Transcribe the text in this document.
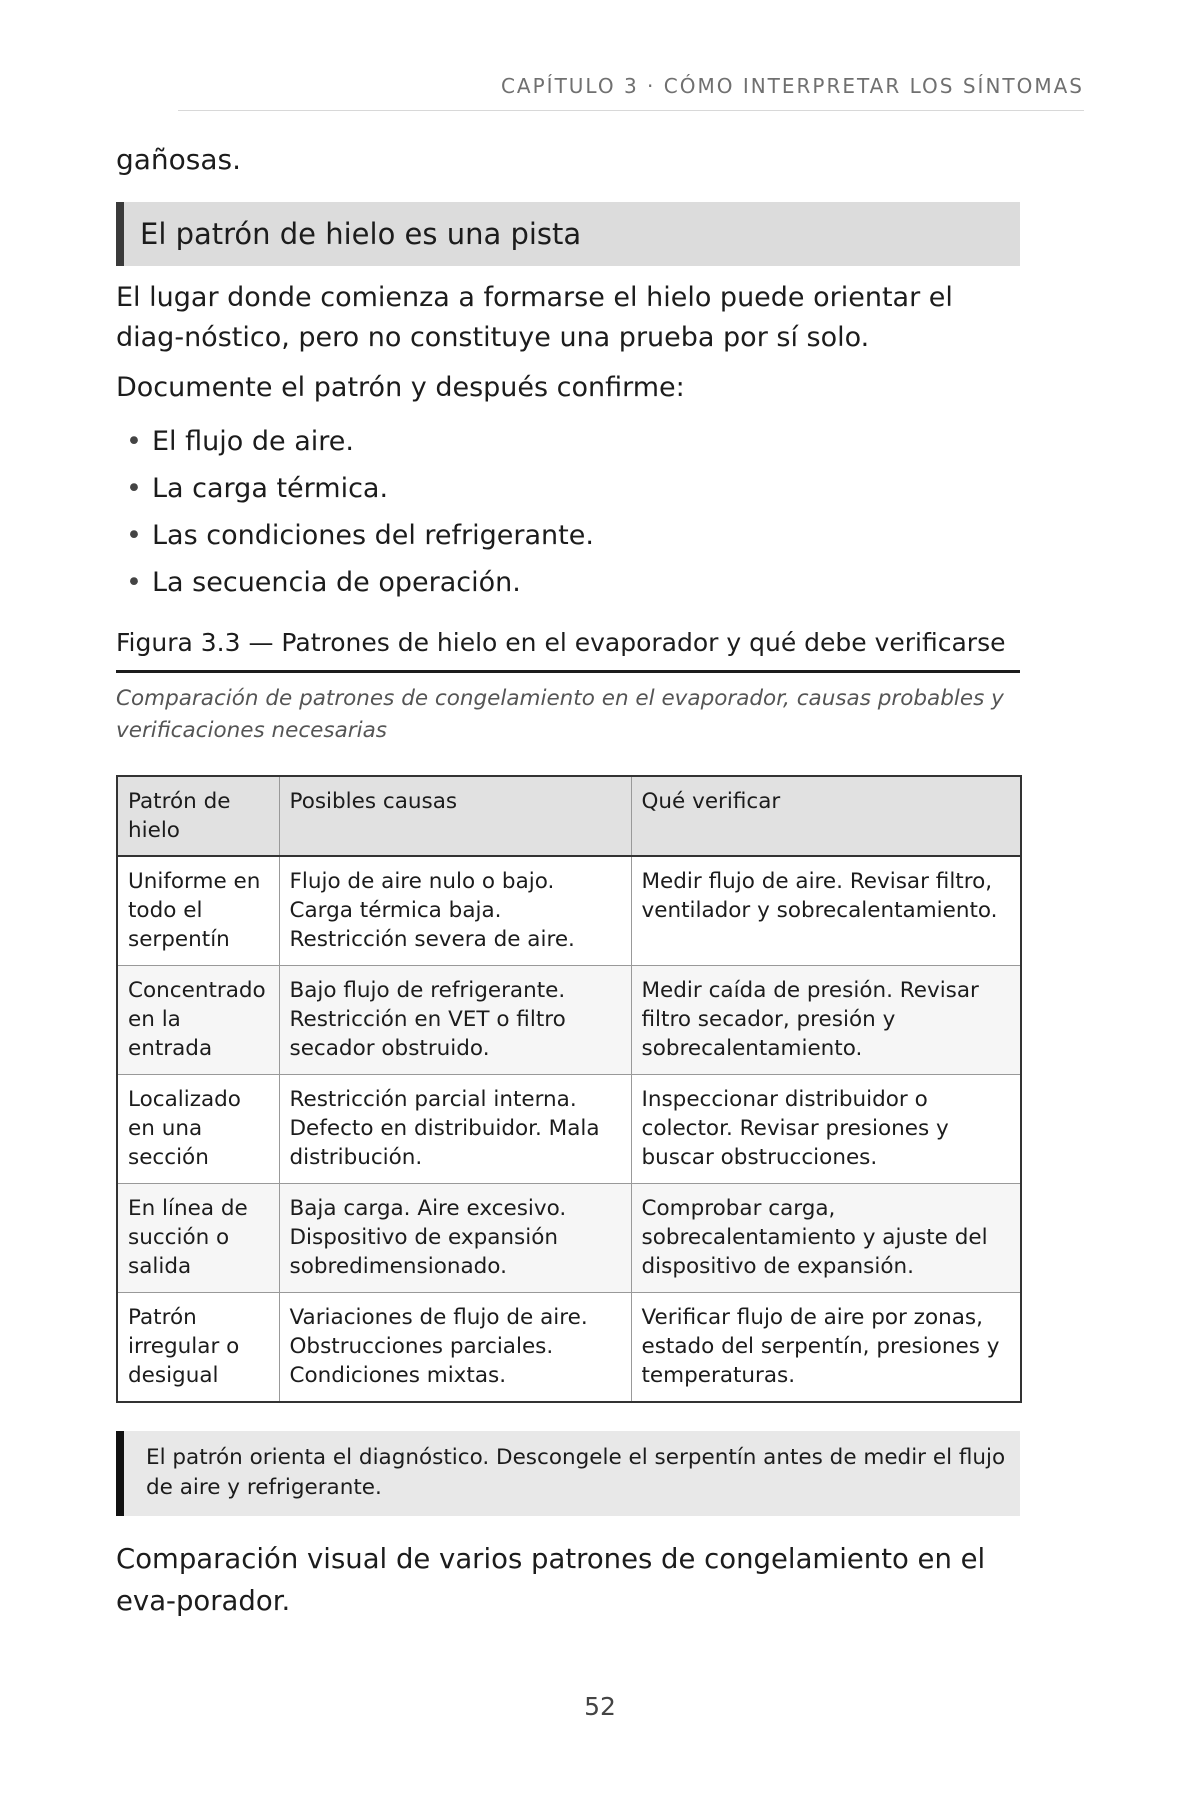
CAPÍTULO 3 · CÓMO INTERPRETAR LOS SÍNTOMAS

gañosas.

El patrón de hielo es una pista

El lugar donde comienza a formarse el hielo puede orientar el diag-nóstico, pero no constituye una prueba por sí solo.

Documente el patrón y después confirme:

• El flujo de aire.
• La carga térmica.
• Las condiciones del refrigerante.
• La secuencia de operación.
Figura 3.3 — Patrones de hielo en el evaporador y qué debe verificarse
Comparación de patrones de congelamiento en el evaporador, causas probables y verificaciones necesarias
Patrón de hielo	Posibles causas	Qué verificar
Uniforme en todo el serpentín	Flujo de aire nulo o bajo. Carga térmica baja. Restricción severa de aire.	Medir flujo de aire. Revisar filtro, ventilador y sobrecalentamiento.
Concentrado en la entrada	Bajo flujo de refrigerante. Restricción en VET o filtro secador obstruido.	Medir caída de presión. Revisar filtro secador, presión y sobrecalentamiento.
Localizado en una sección	Restricción parcial interna. Defecto en distribuidor. Mala distribución.	Inspeccionar distribuidor o colector. Revisar presiones y buscar obstrucciones.
En línea de succión o salida	Baja carga. Aire excesivo. Dispositivo de expansión sobredimensionado.	Comprobar carga, sobrecalentamiento y ajuste del dispositivo de expansión.
Patrón irregular o desigual	Variaciones de flujo de aire. Obstrucciones parciales. Condiciones mixtas.	Verificar flujo de aire por zonas, estado del serpentín, presiones y temperaturas.
El patrón orienta el diagnóstico. Descongele el serpentín antes de medir el flujo de aire y refrigerante.

Comparación visual de varios patrones de congelamiento en el eva-porador.

52
